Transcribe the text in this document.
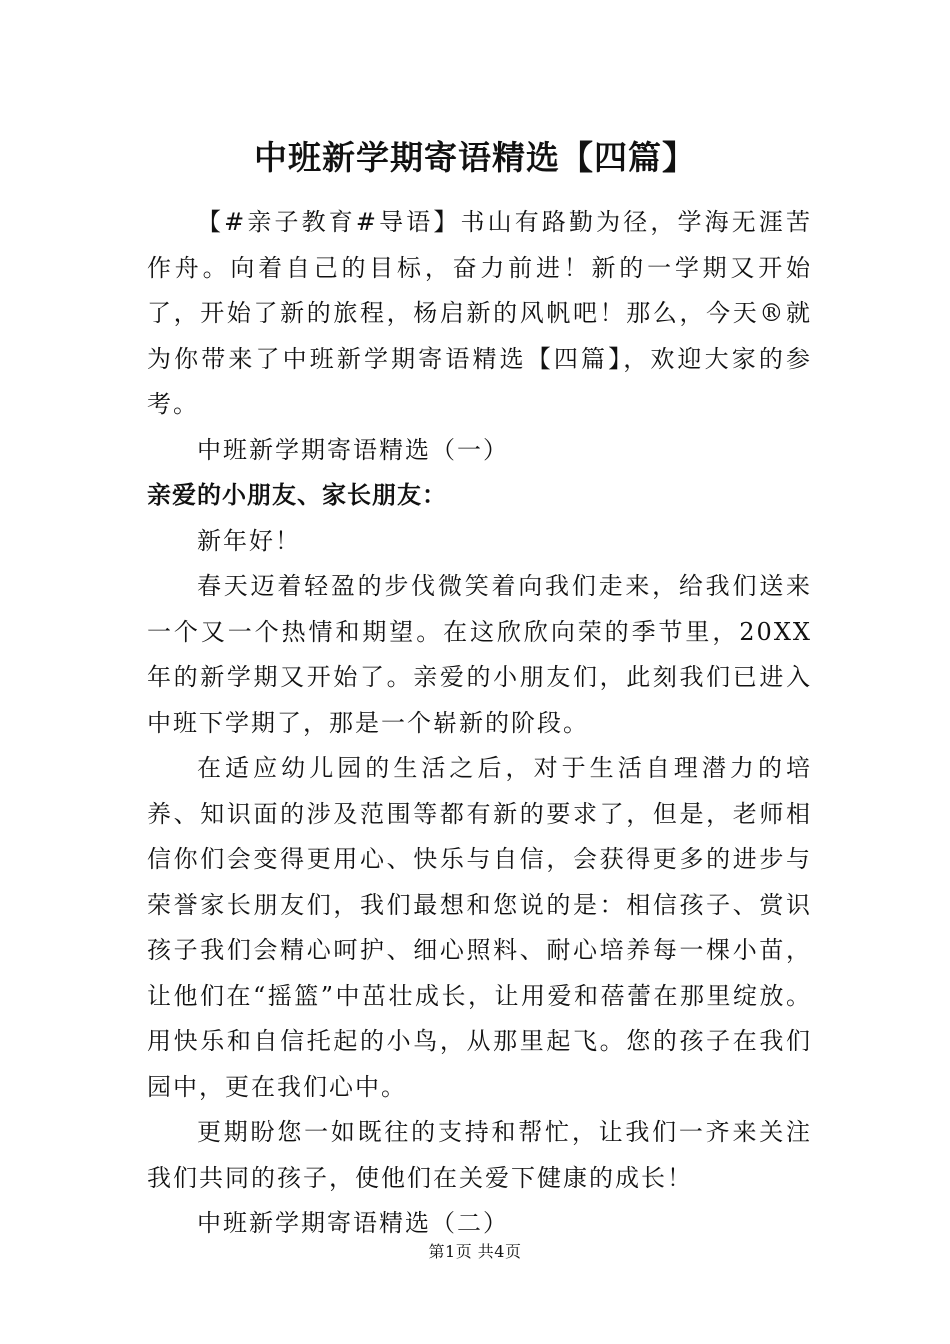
中班新学期寄语精选【四篇】

【#亲子教育#导语】书山有路勤为径，学海无涯苦作舟。向着自己的目标，奋力前进！新的一学期又开始了，开始了新的旅程，杨启新的风帆吧！那么，今天®就为你带来了中班新学期寄语精选【四篇】，欢迎大家的参考。

中班新学期寄语精选（一）

亲爱的小朋友、家长朋友：

新年好！

春天迈着轻盈的步伐微笑着向我们走来，给我们送来一个又一个热情和期望。在这欣欣向荣的季节里，20XX年的新学期又开始了。亲爱的小朋友们，此刻我们已进入中班下学期了，那是一个崭新的阶段。

在适应幼儿园的生活之后，对于生活自理潜力的培养、知识面的涉及范围等都有新的要求了，但是，老师相信你们会变得更用心、快乐与自信，会获得更多的进步与荣誉家长朋友们，我们最想和您说的是：相信孩子、赏识孩子我们会精心呵护、细心照料、耐心培养每一棵小苗，让他们在“摇篮”中茁壮成长，让用爱和蓓蕾在那里绽放。用快乐和自信托起的小鸟，从那里起飞。您的孩子在我们园中，更在我们心中。

更期盼您一如既往的支持和帮忙，让我们一齐来关注我们共同的孩子，使他们在关爱下健康的成长！

中班新学期寄语精选（二）

第1页 共4页
